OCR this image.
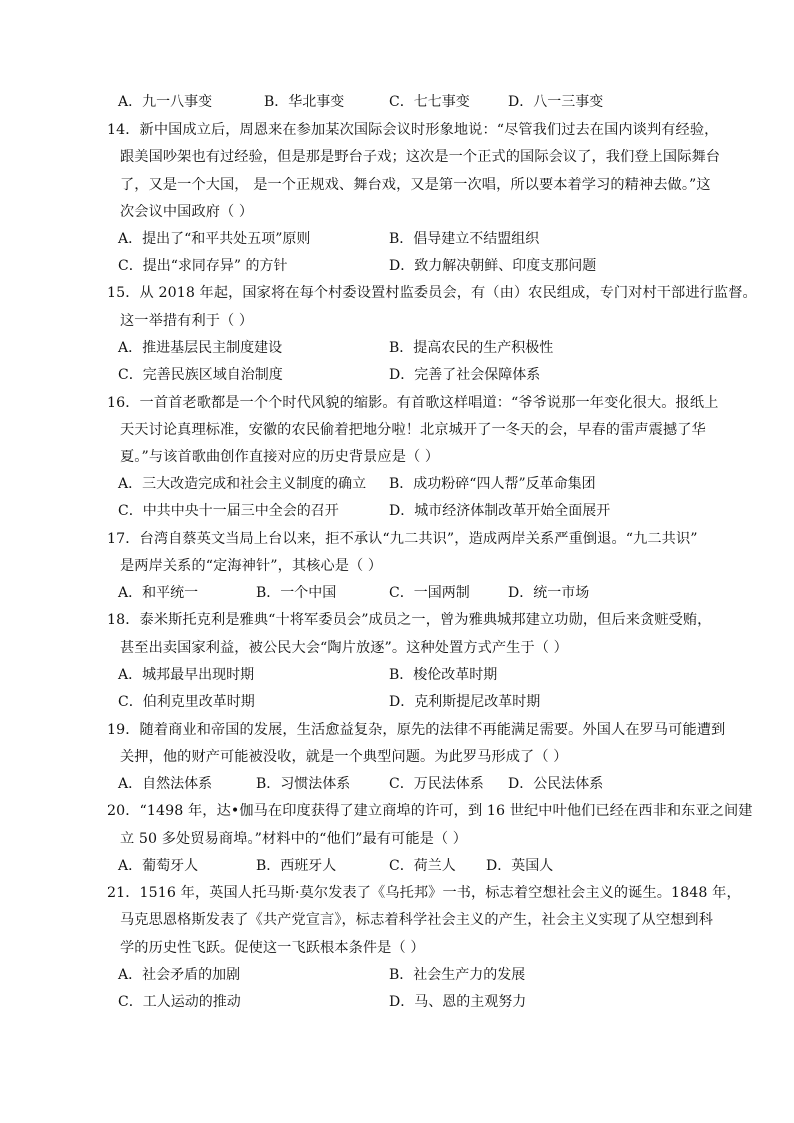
A．九一八事变	B．华北事变	C．七七事变	D．八一三事变
14．新中国成立后，周恩来在参加某次国际会议时形象地说：“尽管我们过去在国内谈判有经验，
跟美国吵架也有过经验，但是那是野台子戏；这次是一个正式的国际会议了，我们登上国际舞台
了，又是一个大国， 是一个正规戏、舞台戏，又是第一次唱，所以要本着学习的精神去做。”这
次会议中国政府（ ）
A．提出了“和平共处五项”原则	B．倡导建立不结盟组织
C．提出“求同存异” 的方针	D．致力解决朝鲜、印度支那问题
15．从 2018 年起，国家将在每个村委设置村监委员会，有（由）农民组成，专门对村干部进行监督。
这一举措有利于（ ）
A．推进基层民主制度建设	B．提高农民的生产积极性
C．完善民族区域自治制度	D．完善了社会保障体系
16．一首首老歌都是一个个时代风貌的缩影。有首歌这样唱道：“爷爷说那一年变化很大。报纸上
天天讨论真理标准，安徽的农民偷着把地分啦！北京城开了一冬天的会，早春的雷声震撼了华
夏。”与该首歌曲创作直接对应的历史背景应是（ ）
A．三大改造完成和社会主义制度的确立 B．成功粉碎“四人帮”反革命集团
C．中共中央十一届三中全会的召开	D．城市经济体制改革开始全面展开
17．台湾自蔡英文当局上台以来，拒不承认“九二共识”，造成两岸关系严重倒退。“九二共识”
是两岸关系的“定海神针”，其核心是（ ）
A．和平统一	B．一个中国	C．一国两制	D．统一市场
18．泰米斯托克利是雅典“十将军委员会”成员之一，曾为雅典城邦建立功勋，但后来贪赃受贿，
甚至出卖国家利益，被公民大会“陶片放逐”。这种处置方式产生于（ ）
A．城邦最早出现时期	B．梭伦改革时期
C．伯利克里改革时期	D．克利斯提尼改革时期
19．随着商业和帝国的发展，生活愈益复杂，原先的法律不再能满足需要。外国人在罗马可能遭到
关押，他的财产可能被没收，就是一个典型问题。为此罗马形成了（ ）
A．自然法体系	B．习惯法体系	C．万民法体系 D．公民法体系
20．“1498 年，达•伽马在印度获得了建立商埠的许可，到 16 世纪中叶他们已经在西非和东亚之间建
立 50 多处贸易商埠。”材料中的“他们”最有可能是（ ）
A．葡萄牙人	B．西班牙人	C．荷兰人 D．英国人
21．1516 年，英国人托马斯·莫尔发表了《乌托邦》一书，标志着空想社会主义的诞生。1848 年，
马克思恩格斯发表了《共产党宣言》，标志着科学社会主义的产生，社会主义实现了从空想到科
学的历史性飞跃。促使这一飞跃根本条件是（ ）
A．社会矛盾的加剧	B．社会生产力的发展
C．工人运动的推动	D．马、恩的主观努力
